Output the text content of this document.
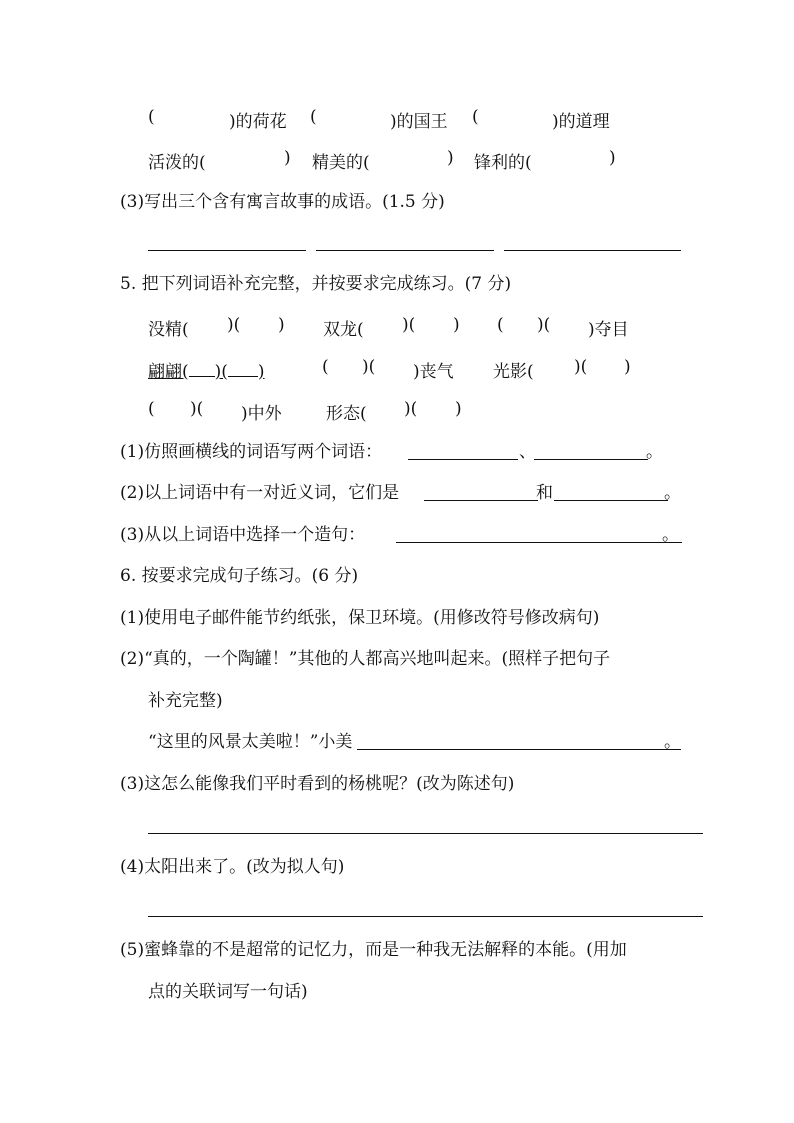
(	)的荷花 (	)的国王 (	)的道理
活泼的(	) 精美的(	) 锋利的(	)
(3)写出三个含有寓言故事的成语。(1.5 分)
5. 把下列词语补充完整，并按要求完成练习。(7 分)
没精( )( ) 双龙( )( ) ( )( )夺目
翩翩( )( )	( )( )丧气 光影( )( )
( )( )中外	形态( )( )
(1)仿照画横线的词语写两个词语：	、	。
(2)以上词语中有一对近义词，它们是	和	。
(3)从以上词语中选择一个造句：	。
6. 按要求完成句子练习。(6 分)
(1)使用电子邮件能节约纸张，保卫环境。(用修改符号修改病句)
(2)“真的，一个陶罐！”其他的人都高兴地叫起来。(照样子把句子
补充完整)
“这里的风景太美啦！”小美	。
(3)这怎么能像我们平时看到的杨桃呢？(改为陈述句)
(4)太阳出来了。(改为拟人句)
(5)蜜蜂靠的不是超常的记忆力，而是一种我无法解释的本能。(用加
点的关联词写一句话)
